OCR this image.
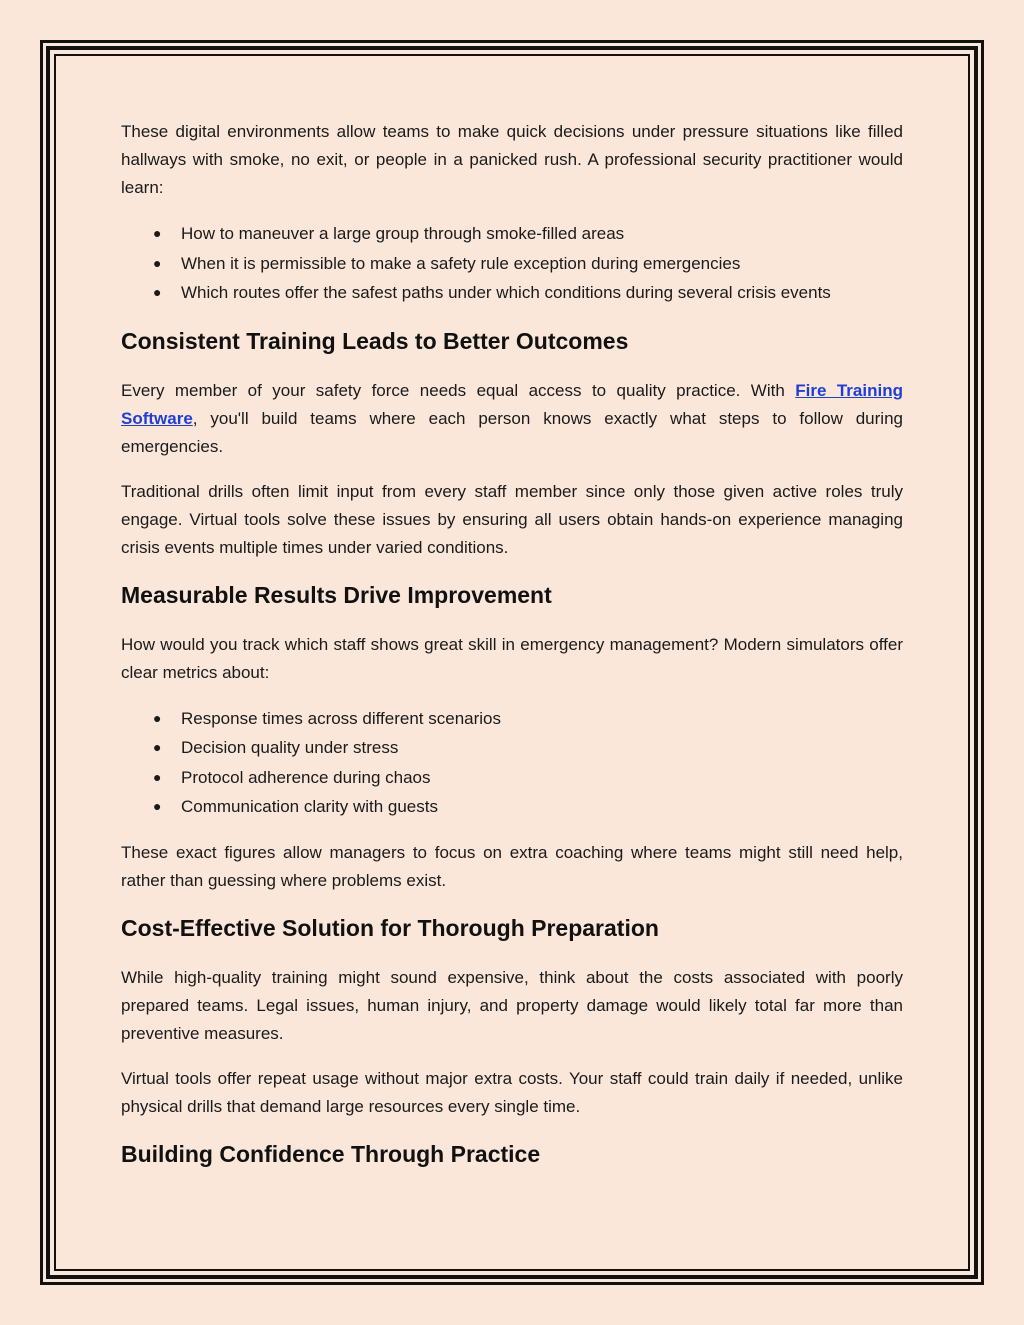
These digital environments allow teams to make quick decisions under pressure situations like filled hallways with smoke, no exit, or people in a panicked rush. A professional security practitioner would learn:

● How to maneuver a large group through smoke-filled areas
● When it is permissible to make a safety rule exception during emergencies
● Which routes offer the safest paths under which conditions during several crisis events
Consistent Training Leads to Better Outcomes

Every member of your safety force needs equal access to quality practice. With Fire Training Software, you'll build teams where each person knows exactly what steps to follow during emergencies.

Traditional drills often limit input from every staff member since only those given active roles truly engage. Virtual tools solve these issues by ensuring all users obtain hands-on experience managing crisis events multiple times under varied conditions.

Measurable Results Drive Improvement

How would you track which staff shows great skill in emergency management? Modern simulators offer clear metrics about:

● Response times across different scenarios
● Decision quality under stress
● Protocol adherence during chaos
● Communication clarity with guests

These exact figures allow managers to focus on extra coaching where teams might still need help, rather than guessing where problems exist.

Cost-Effective Solution for Thorough Preparation

While high-quality training might sound expensive, think about the costs associated with poorly prepared teams. Legal issues, human injury, and property damage would likely total far more than preventive measures.

Virtual tools offer repeat usage without major extra costs. Your staff could train daily if needed, unlike physical drills that demand large resources every single time.

Building Confidence Through Practice
